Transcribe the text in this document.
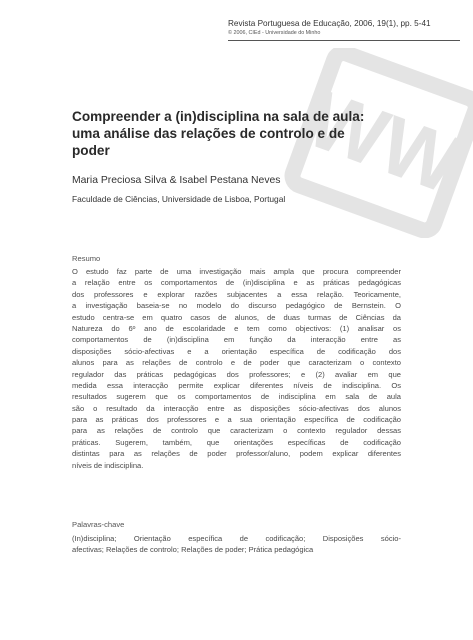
Revista Portuguesa de Educação, 2006, 19(1), pp. 5-41
© 2006, CIEd - Universidade do Minho
WW
Compreender a (in)disciplina na sala de aula:
uma análise das relações de controlo e de
poder
Maria Preciosa Silva & Isabel Pestana Neves
Faculdade de Ciências, Universidade de Lisboa, Portugal
Resumo
O estudo faz parte de uma investigação mais ampla que procura compreender
a relação entre os comportamentos de (in)disciplina e as práticas pedagógicas
dos professores e explorar razões subjacentes a essa relação. Teoricamente,
a investigação baseia-se no modelo do discurso pedagógico de Bernstein. O
estudo centra-se em quatro casos de alunos, de duas turmas de Ciências da
Natureza do 6º ano de escolaridade e tem como objectivos: (1) analisar os
comportamentos de (in)disciplina em função da interacção entre as
disposições sócio-afectivas e a orientação específica de codificação dos
alunos para as relações de controlo e de poder que caracterizam o contexto
regulador das práticas pedagógicas dos professores; e (2) avaliar em que
medida essa interacção permite explicar diferentes níveis de indisciplina. Os
resultados sugerem que os comportamentos de indisciplina em sala de aula
são o resultado da interacção entre as disposições sócio-afectivas dos alunos
para as práticas dos professores e a sua orientação específica de codificação
para as relações de controlo que caracterizam o contexto regulador dessas
práticas. Sugerem, também, que orientações específicas de codificação
distintas para as relações de poder professor/aluno, podem explicar diferentes
níveis de indisciplina.
Palavras-chave
(In)disciplina; Orientação específica de codificação; Disposições sócio-
afectivas; Relações de controlo; Relações de poder; Prática pedagógica
